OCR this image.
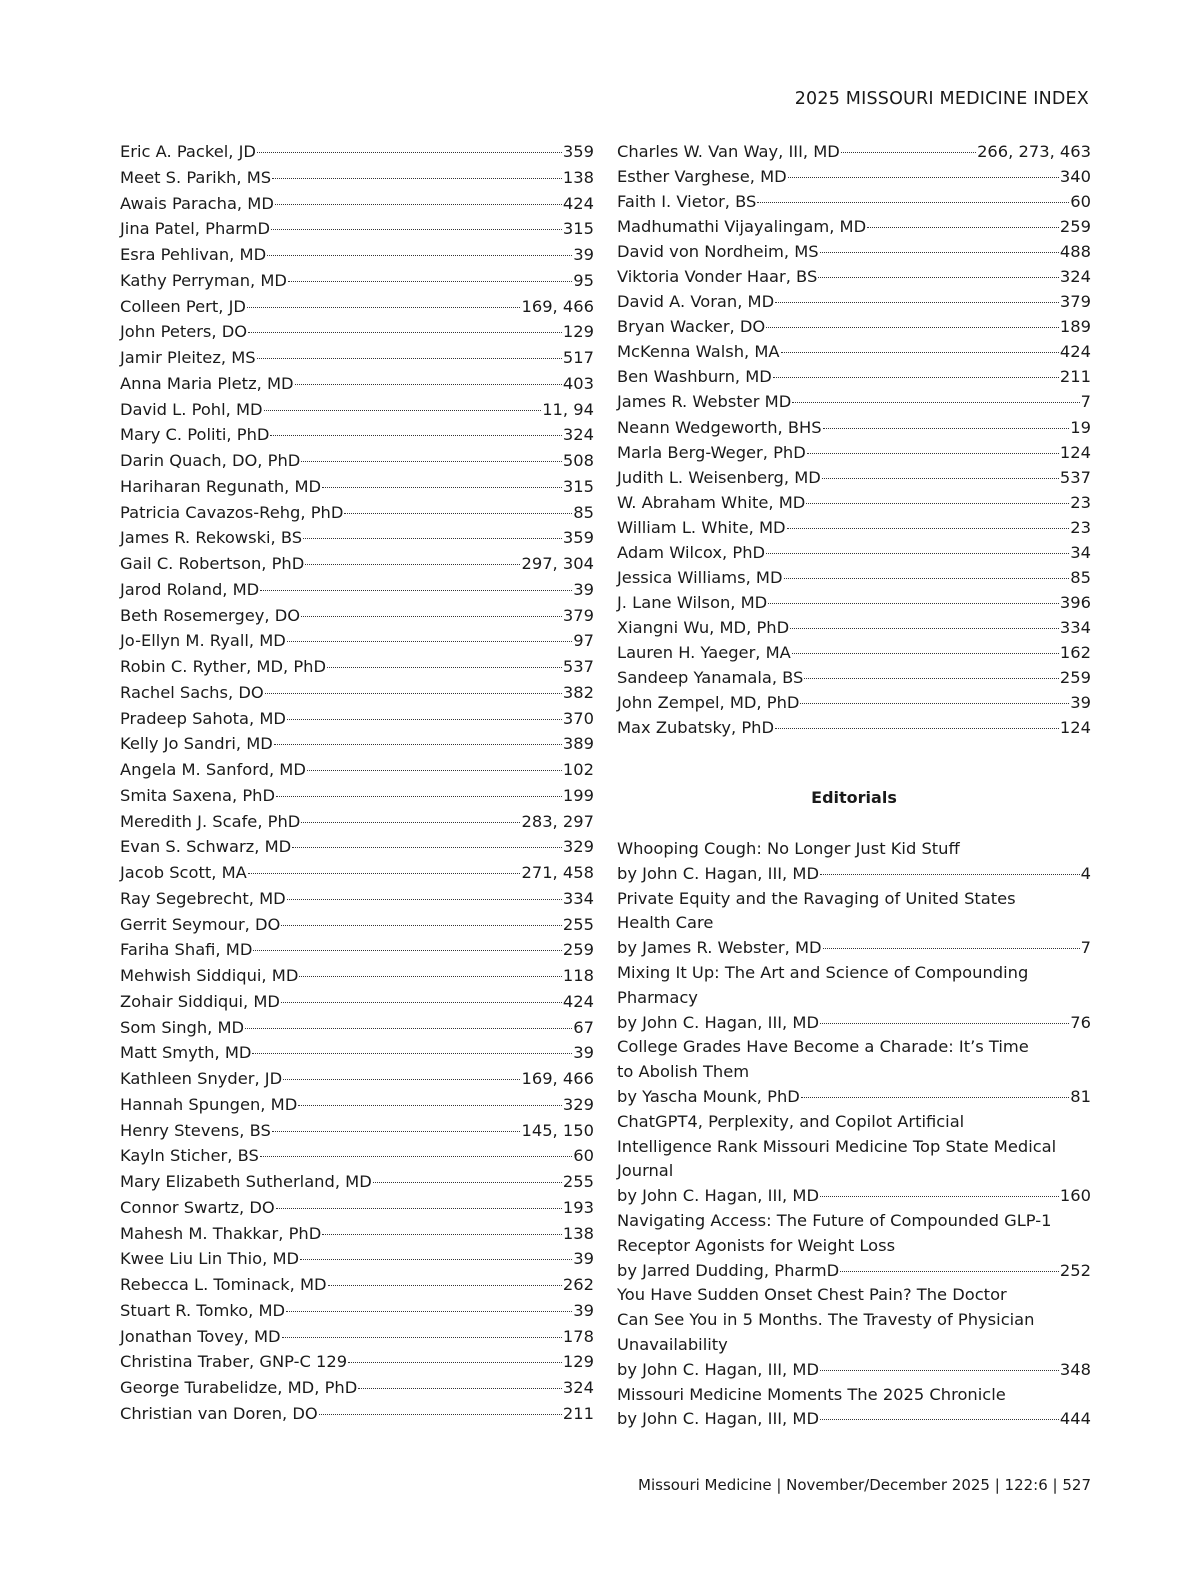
2025 MISSOURI MEDICINE INDEX
Eric A. Packel, JD	359
Meet S. Parikh, MS	138
Awais Paracha, MD	424
Jina Patel, PharmD	315
Esra Pehlivan, MD	39
Kathy Perryman, MD	95
Colleen Pert, JD	169, 466
John Peters, DO	129
Jamir Pleitez, MS	517
Anna Maria Pletz, MD	403
David L. Pohl, MD	11, 94
Mary C. Politi, PhD	324
Darin Quach, DO, PhD	508
Hariharan Regunath, MD	315
Patricia Cavazos-Rehg, PhD	85
James R. Rekowski, BS	359
Gail C. Robertson, PhD	297, 304
Jarod Roland, MD	39
Beth Rosemergey, DO	379
Jo-Ellyn M. Ryall, MD	97
Robin C. Ryther, MD, PhD	537
Rachel Sachs, DO	382
Pradeep Sahota, MD	370
Kelly Jo Sandri, MD	389
Angela M. Sanford, MD	102
Smita Saxena, PhD	199
Meredith J. Scafe, PhD	283, 297
Evan S. Schwarz, MD	329
Jacob Scott, MA	271, 458
Ray Segebrecht, MD	334
Gerrit Seymour, DO	255
Fariha Shafi, MD	259
Mehwish Siddiqui, MD	118
Zohair Siddiqui, MD	424
Som Singh, MD	67
Matt Smyth, MD	39
Kathleen Snyder, JD	169, 466
Hannah Spungen, MD	329
Henry Stevens, BS	145, 150
Kayln Sticher, BS	60
Mary Elizabeth Sutherland, MD	255
Connor Swartz, DO	193
Mahesh M. Thakkar, PhD	138
Kwee Liu Lin Thio, MD	39
Rebecca L. Tominack, MD	262
Stuart R. Tomko, MD	39
Jonathan Tovey, MD	178
Christina Traber, GNP-C 129	129
George Turabelidze, MD, PhD	324
Christian van Doren, DO	211
Charles W. Van Way, III, MD	266, 273, 463
Esther Varghese, MD	340
Faith I. Vietor, BS	60
Madhumathi Vijayalingam, MD	259
David von Nordheim, MS	488
Viktoria Vonder Haar, BS	324
David A. Voran, MD	379
Bryan Wacker, DO	189
McKenna Walsh, MA	424
Ben Washburn, MD	211
James R. Webster MD	7
Neann Wedgeworth, BHS	19
Marla Berg-Weger, PhD	124
Judith L. Weisenberg, MD	537
W. Abraham White, MD	23
William L. White, MD	23
Adam Wilcox, PhD	34
Jessica Williams, MD	85
J. Lane Wilson, MD	396
Xiangni Wu, MD, PhD	334
Lauren H. Yaeger, MA	162
Sandeep Yanamala, BS	259
John Zempel, MD, PhD	39
Max Zubatsky, PhD	124
Editorials
Whooping Cough: No Longer Just Kid Stuff
by John C. Hagan, III, MD	4
Private Equity and the Ravaging of United States
Health Care
by James R. Webster, MD	7
Mixing It Up: The Art and Science of Compounding
Pharmacy
by John C. Hagan, III, MD	76
College Grades Have Become a Charade: It’s Time
to Abolish Them
by Yascha Mounk, PhD	81
ChatGPT4, Perplexity, and Copilot Artificial
Intelligence Rank Missouri Medicine Top State Medical
Journal
by John C. Hagan, III, MD	160
Navigating Access: The Future of Compounded GLP-1
Receptor Agonists for Weight Loss
by Jarred Dudding, PharmD	252
You Have Sudden Onset Chest Pain? The Doctor
Can See You in 5 Months. The Travesty of Physician
Unavailability
by John C. Hagan, III, MD	348
Missouri Medicine Moments The 2025 Chronicle
by John C. Hagan, III, MD	444
Missouri Medicine | November/December 2025 | 122:6 | 527
